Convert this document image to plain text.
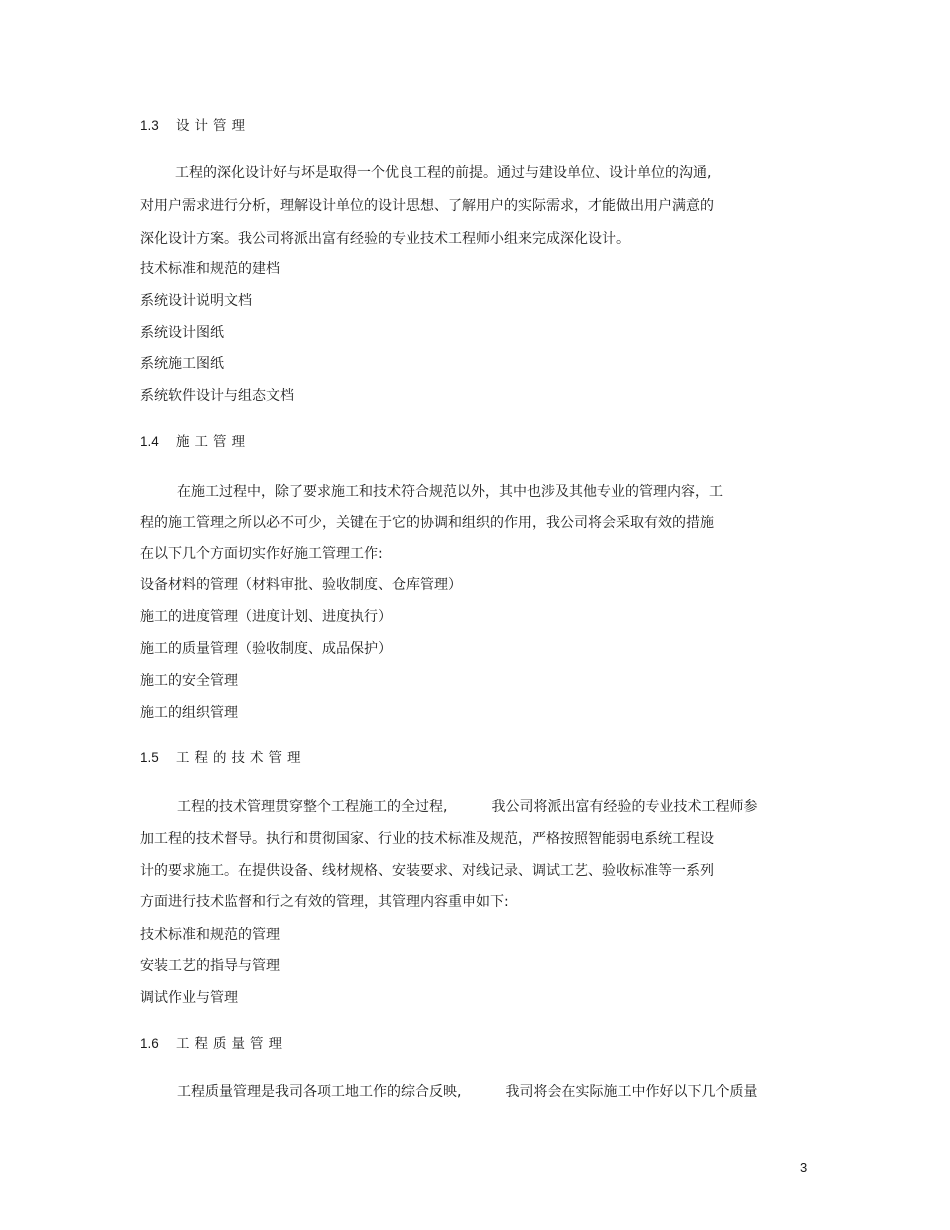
1.3 设计管理
工程的深化设计好与坏是取得一个优良工程的前提。通过与建设单位、设计单位的沟通,
对用户需求进行分析，理解设计单位的设计思想、了解用户的实际需求，才能做出用户满意的
深化设计方案。我公司将派出富有经验的专业技术工程师小组来完成深化设计。
技术标准和规范的建档
系统设计说明文档
系统设计图纸
系统施工图纸
系统软件设计与组态文档
1.4 施工管理
在施工过程中，除了要求施工和技术符合规范以外，其中也涉及其他专业的管理内容，工
程的施工管理之所以必不可少，关键在于它的协调和组织的作用，我公司将会采取有效的措施
在以下几个方面切实作好施工管理工作:
设备材料的管理（材料审批、验收制度、仓库管理）
施工的进度管理（进度计划、进度执行）
施工的质量管理（验收制度、成品保护）
施工的安全管理
施工的组织管理
1.5 工程的技术管理
工程的技术管理贯穿整个工程施工的全过程,	我公司将派出富有经验的专业技术工程师参
加工程的技术督导。执行和贯彻国家、行业的技术标准及规范，严格按照智能弱电系统工程设
计的要求施工。在提供设备、线材规格、安装要求、对线记录、调试工艺、验收标准等一系列
方面进行技术监督和行之有效的管理，其管理内容重申如下:
技术标准和规范的管理
安装工艺的指导与管理
调试作业与管理
1.6 工程质量管理
工程质量管理是我司各项工地工作的综合反映,	我司将会在实际施工中作好以下几个质量
3
